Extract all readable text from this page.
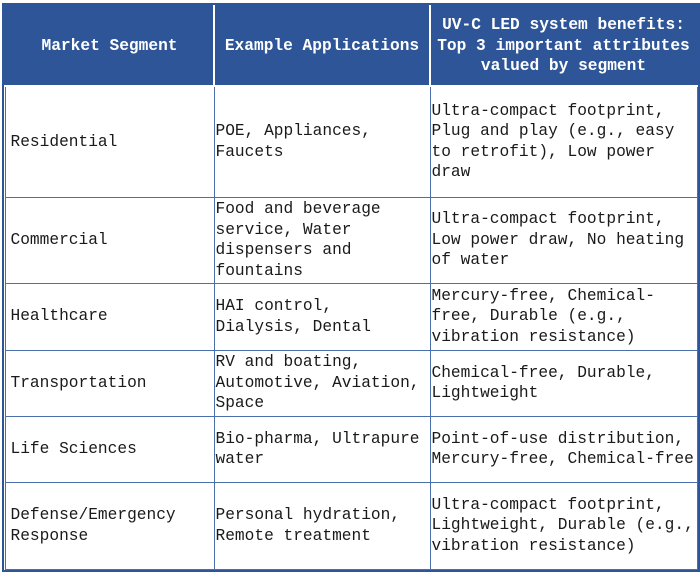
Market Segment	Example Applications	UV-C LED system benefits: Top 3 important attributes valued by segment
Residential	POE, Appliances, Faucets	Ultra-compact footprint, Plug and play (e.g., easy to retrofit), Low power draw
Commercial	Food and beverage service, Water dispensers and fountains	Ultra-compact footprint, Low power draw, No heating of water
Healthcare	HAI control, Dialysis, Dental	Mercury-free, Chemical-free, Durable (e.g., vibration resistance)
Transportation	RV and boating, Automotive, Aviation, Space	Chemical-free, Durable, Lightweight
Life Sciences	Bio-pharma, Ultrapure water	Point-of-use distribution, Mercury-free, Chemical-free
Defense/Emergency Response	Personal hydration, Remote treatment	Ultra-compact footprint, Lightweight, Durable (e.g., vibration resistance)
